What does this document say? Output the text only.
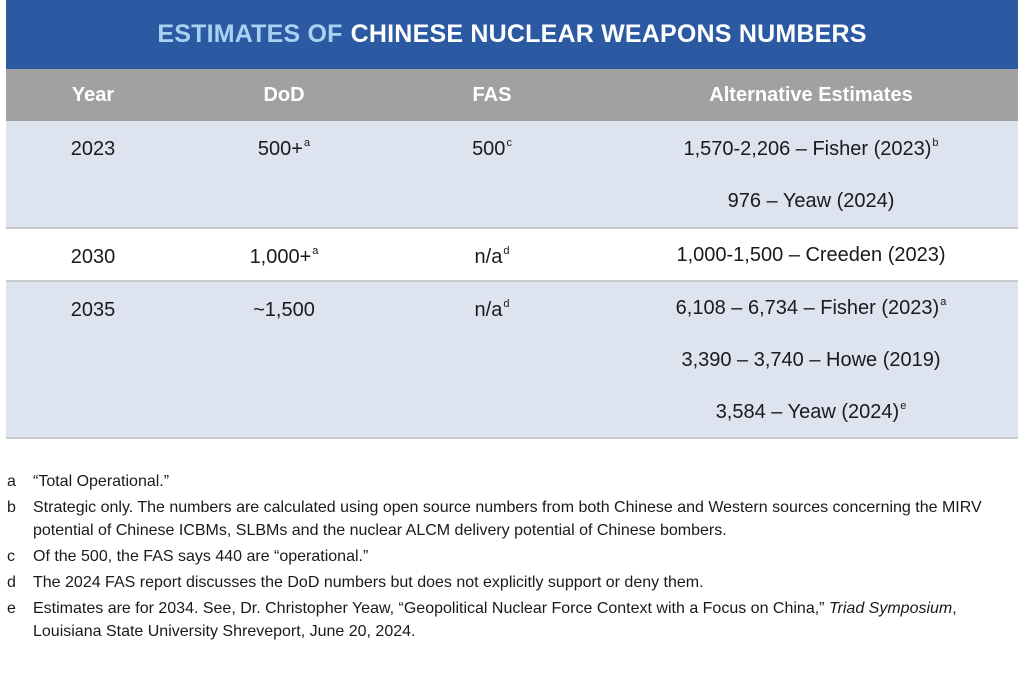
ESTIMATES OF CHINESE NUCLEAR WEAPONS NUMBERS
Year	DoD	FAS	Alternative Estimates
2023	500+$^a$	500$^c$	1,570-2,206 – Fisher $(2023)^b$
976 – Yeaw (2024)
2030	1,000+$^a$	$n/a^d$	1,000-1,500 – Creeden (2023)
2035	~1,500	$n/a^d$	6,108 – 6,734 – Fisher $(2023)^a$
3,390 – 3,740 – Howe (2019)
3,584 – Yeaw $(2024)^e$
a “Total Operational.”
b Strategic only. The numbers are calculated using open source numbers from both Chinese and Western sources concerning the MIRV potential of Chinese ICBMs, SLBMs and the nuclear ALCM delivery potential of Chinese bombers.
c Of the 500, the FAS says 440 are “operational.”
d The 2024 FAS report discusses the DoD numbers but does not explicitly support or deny them.
e Estimates are for 2034. See, Dr. Christopher Yeaw, “Geopolitical Nuclear Force Context with a Focus on China,” Triad Symposium, Louisiana State University Shreveport, June 20, 2024.
